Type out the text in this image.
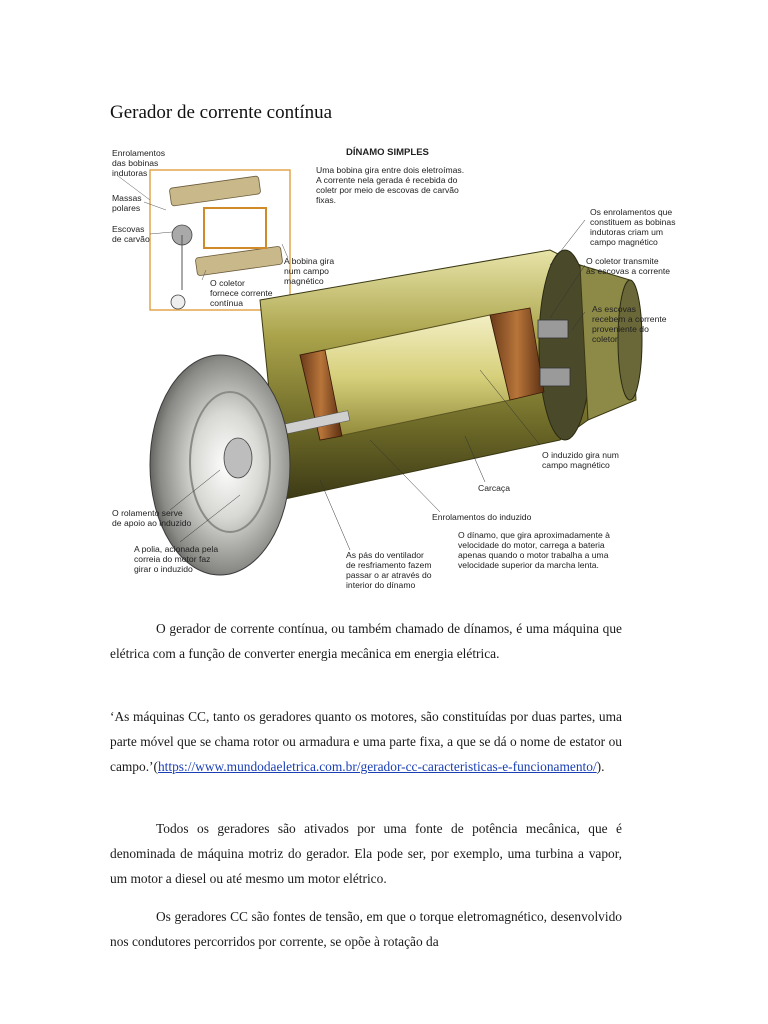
Gerador de corrente contínua
DÍNAMO SIMPLES
Enrolamentos das bobinas indutoras
Massas polares
Escovas de carvão
O coletor fornece corrente contínua
A bobina gira num campo magnético
Uma bobina gira entre dois eletroímas. A corrente nela gerada é recebida do coletr por meio de escovas de carvão fixas.
Os enrolamentos que constituem as bobinas indutoras criam um campo magnético
O coletor transmite às escovas a corrente
As escovas recebem a corrente proveniente do coletor
O induzido gira num campo magnético
Carcaça
O rolamento serve de apoio ao induzido
Enrolamentos do induzido
A polia, acionada pela correia do motor faz girar o induzido
As pás do ventilador de resfriamento fazem passar o ar através do interior do dínamo
O dínamo, que gira aproximadamente à velocidade do motor, carrega a bateria apenas quando o motor trabalha a uma velocidade superior da marcha lenta.

O gerador de corrente contínua, ou também chamado de dínamos, é uma máquina que elétrica com a função de converter energia mecânica em energia elétrica.

‘As máquinas CC, tanto os geradores quanto os motores, são constituídas por duas partes, uma parte móvel que se chama rotor ou armadura e uma parte fixa, a que se dá o nome de estator ou campo.’(https://www.mundodaeletrica.com.br/gerador-cc-caracteristicas-e-funcionamento/).

Todos os geradores são ativados por uma fonte de potência mecânica, que é denominada de máquina motriz do gerador. Ela pode ser, por exemplo, uma turbina a vapor, um motor a diesel ou até mesmo um motor elétrico.

Os geradores CC são fontes de tensão, em que o torque eletromagnético, desenvolvido nos condutores percorridos por corrente, se opõe à rotação da
